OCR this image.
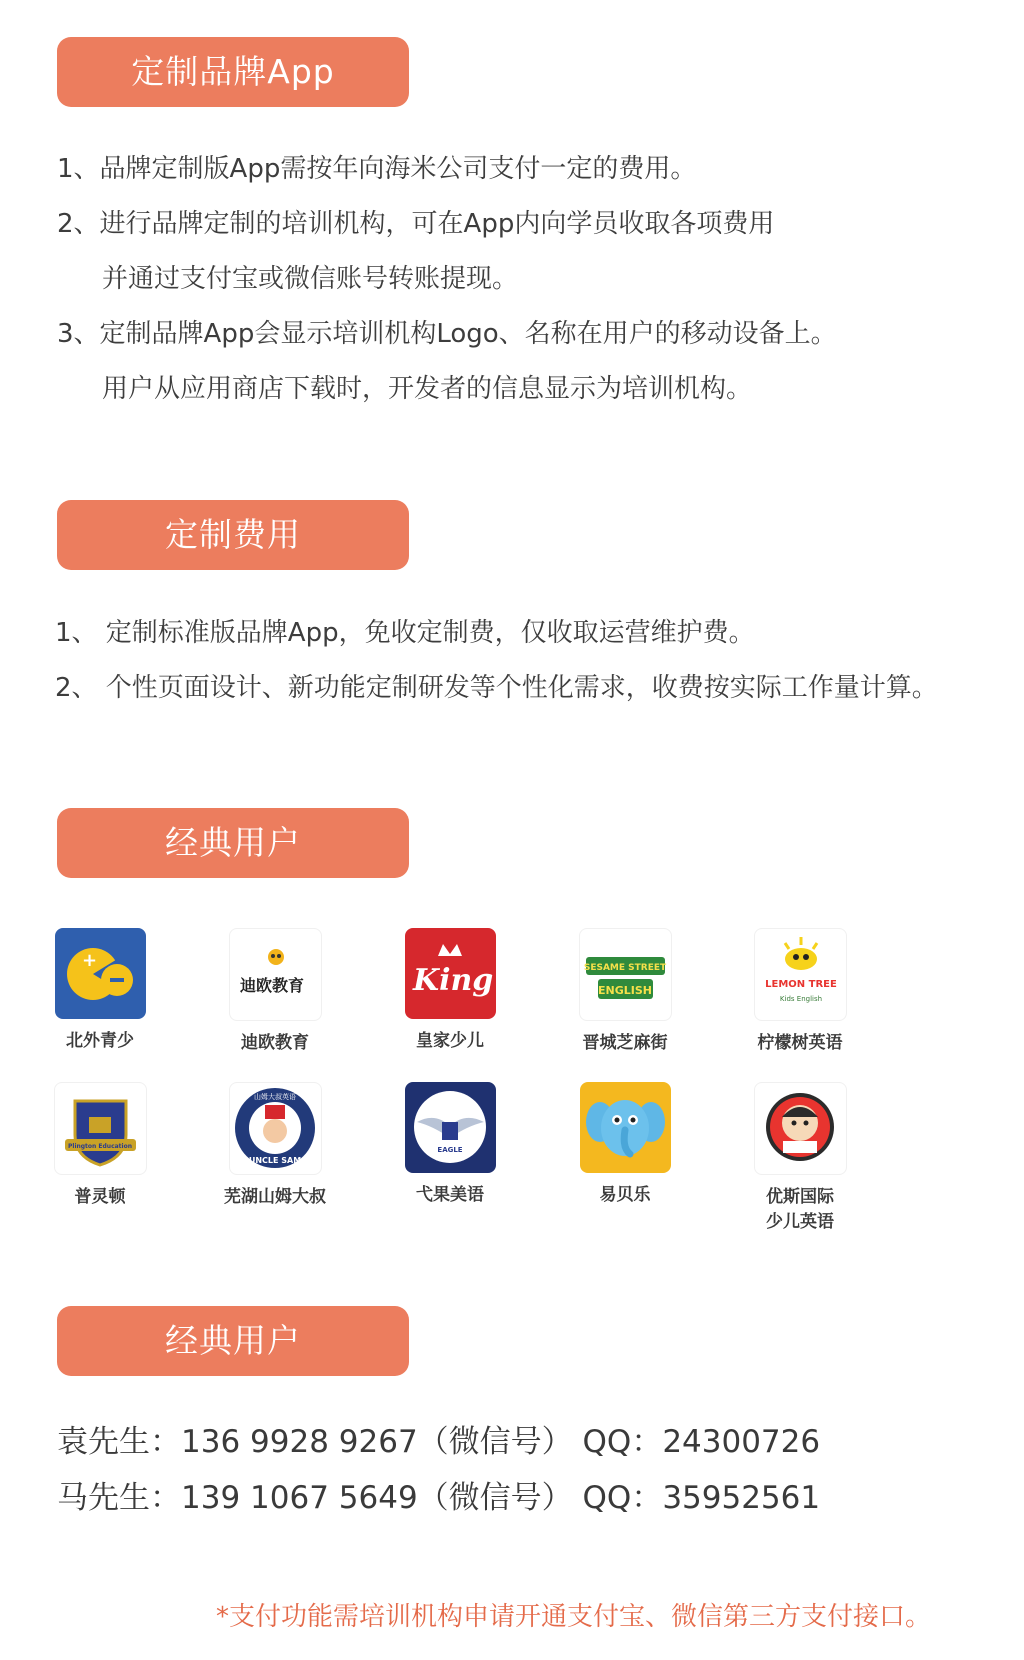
定制品牌App
1、品牌定制版App需按年向海米公司支付一定的费用。
2、进行品牌定制的培训机构，可在App内向学员收取各项费用
并通过支付宝或微信账号转账提现。
3、定制品牌App会显示培训机构Logo、名称在用户的移动设备上。
用户从应用商店下载时，开发者的信息显示为培训机构。
定制费用
1、 定制标准版品牌App，免收定制费，仅收取运营维护费。
2、 个性页面设计、新功能定制研发等个性化需求，收费按实际工作量计算。
经典用户
+
北外青少
迪欧教育
迪欧教育
King
皇家少儿
SESAME STREET
ENGLISH
晋城芝麻街
LEMON TREE
Kids English
柠檬树英语
Plington Education
普灵顿
山姆大叔英语
UNCLE SAM
芜湖山姆大叔
EAGLE
弋果美语	易贝乐	优斯国际
少儿英语
经典用户
袁先生：136 9928 9267（微信号） QQ：24300726
马先生：139 1067 5649（微信号） QQ：35952561
*支付功能需培训机构申请开通支付宝、微信第三方支付接口。
